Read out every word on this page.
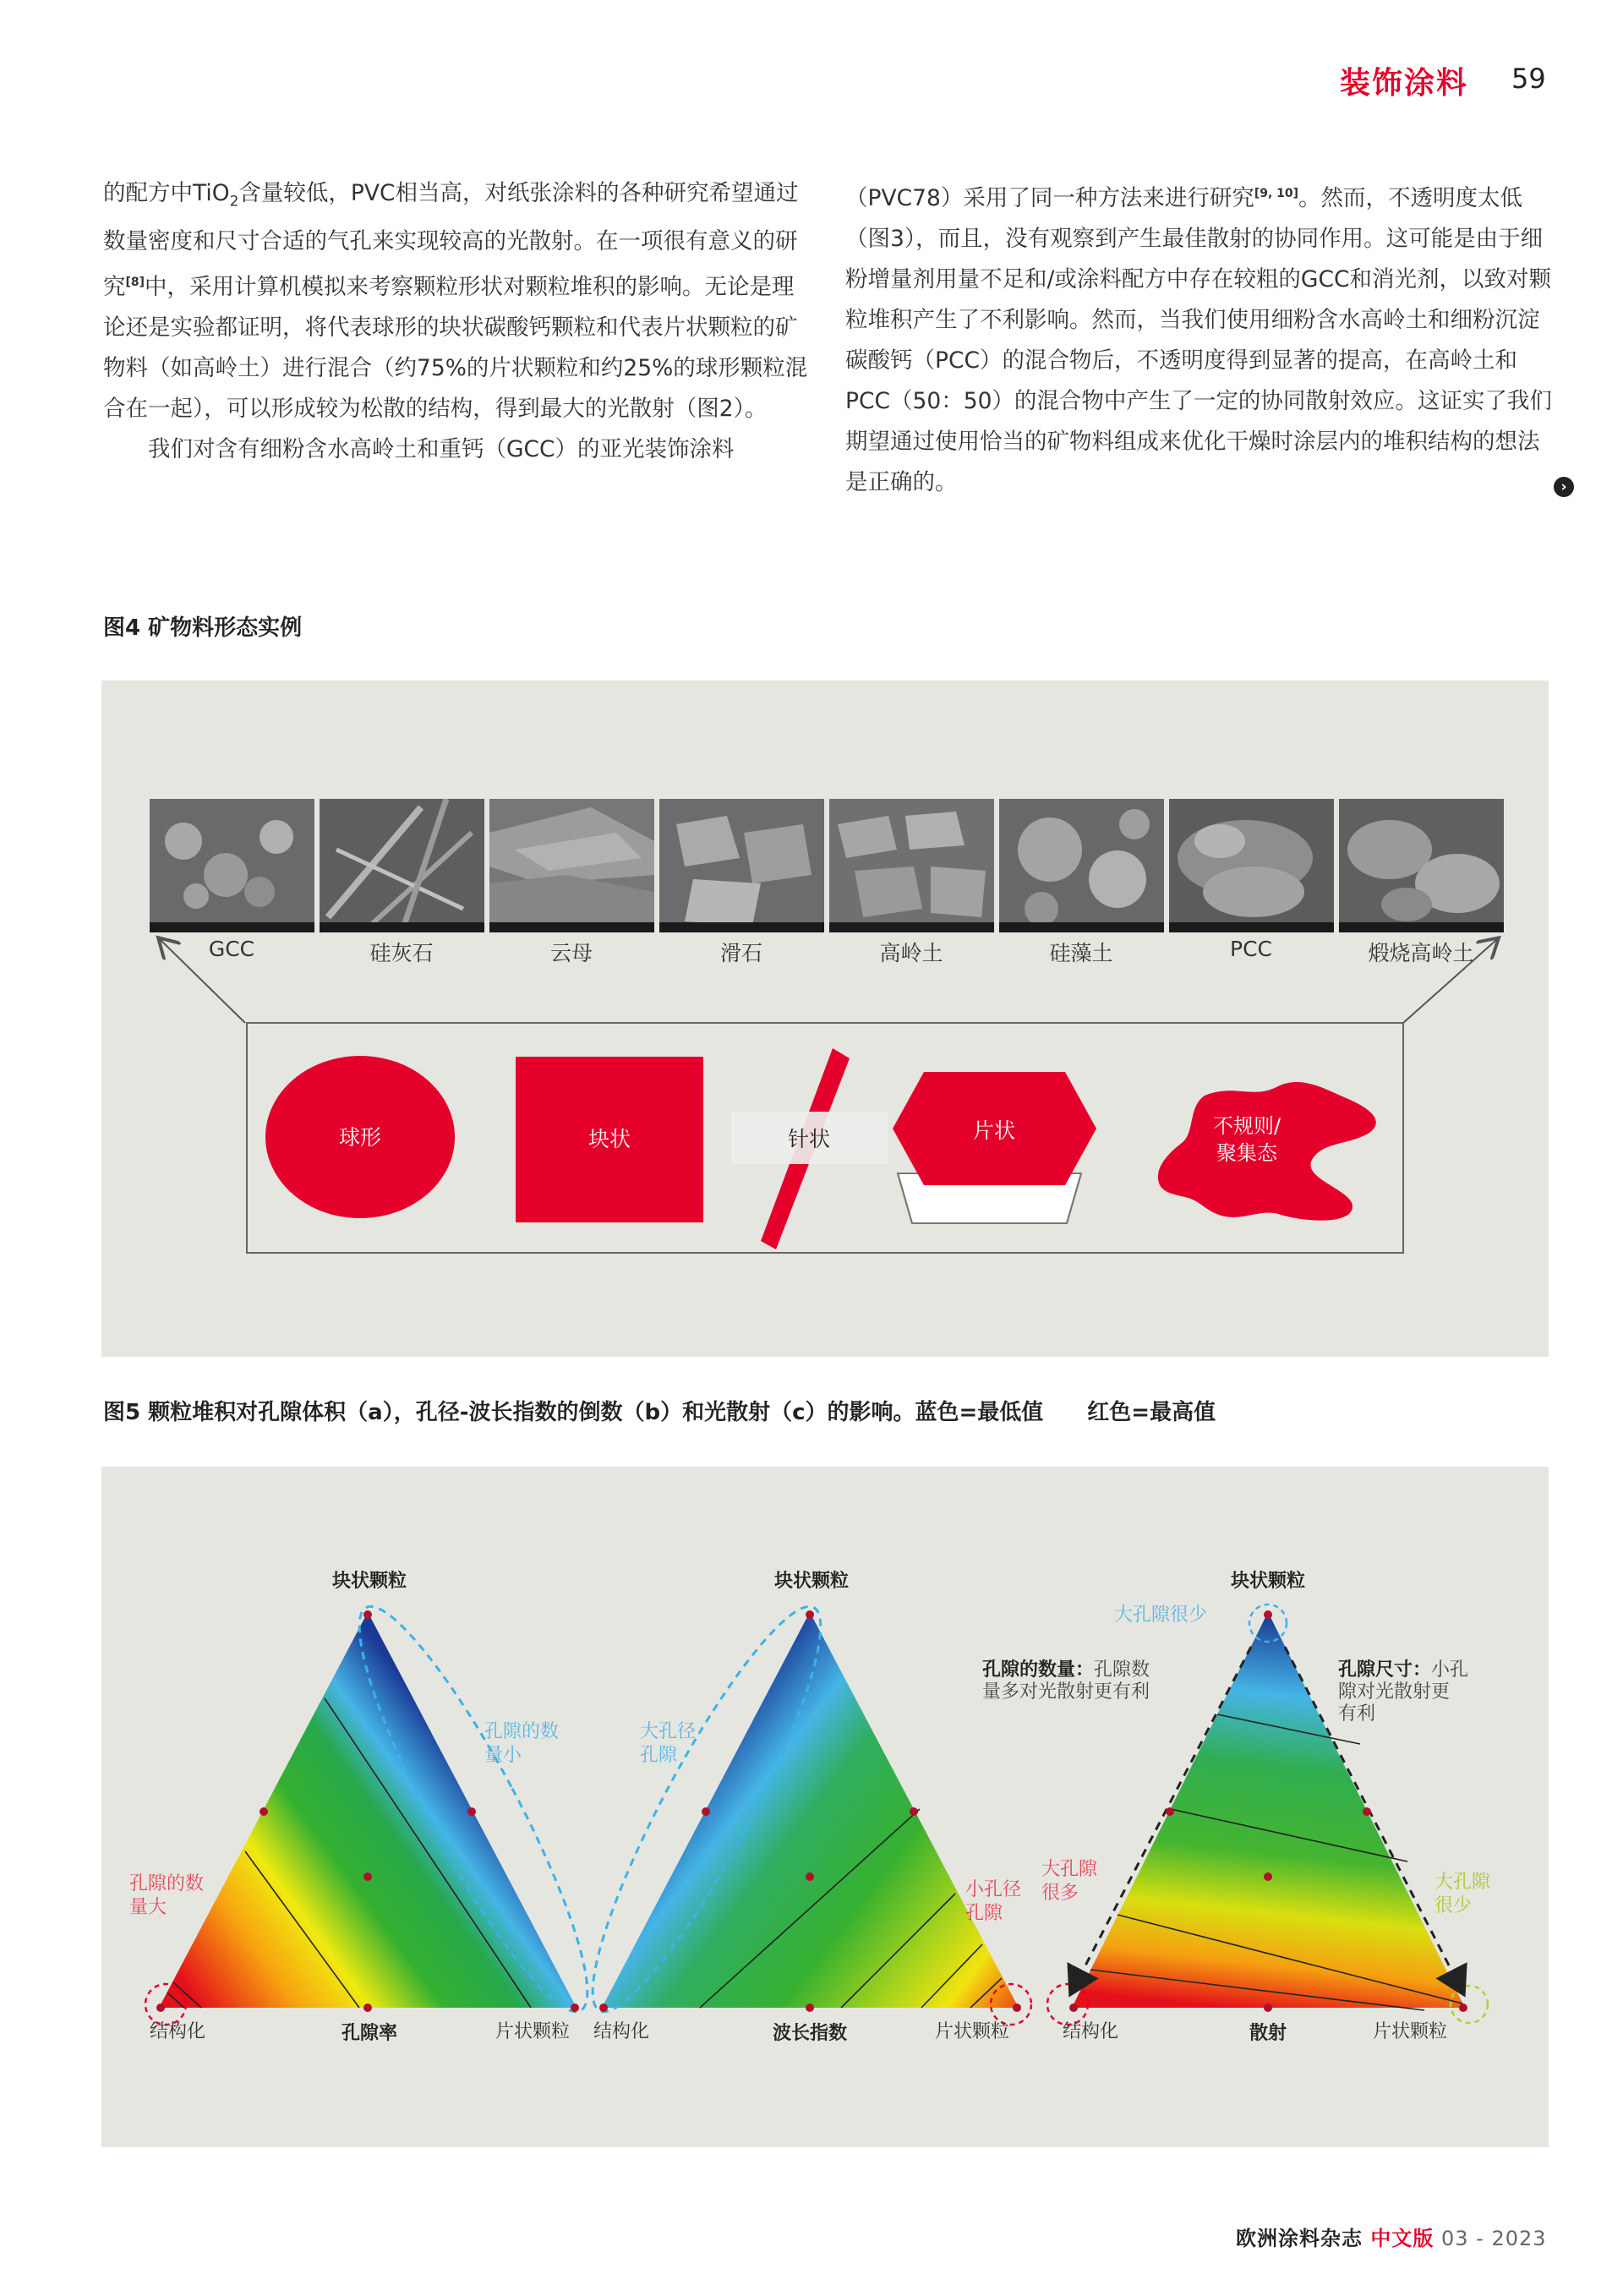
装饰涂料 59

的配方中TiO$_2$含量较低，PVC相当高，对纸张涂料的各种研究希望通过数量密度和尺寸合适的气孔来实现较高的光散射。在一项很有意义的研究[8]中，采用计算机模拟来考察颗粒形状对颗粒堆积的影响。无论是理论还是实验都证明，将代表球形的块状碳酸钙颗粒和代表片状颗粒的矿物料（如高岭土）进行混合（约75%的片状颗粒和约25%的球形颗粒混合在一起），可以形成较为松散的结构，得到最大的光散射（图2）。

我们对含有细粉含水高岭土和重钙（GCC）的亚光装饰涂料

（PVC78）采用了同一种方法来进行研究[9, 10]。然而，不透明度太低（图3），而且，没有观察到产生最佳散射的协同作用。这可能是由于细粉增量剂用量不足和/或涂料配方中存在较粗的GCC和消光剂，以致对颗粒堆积产生了不利影响。然而，当我们使用细粉含水高岭土和细粉沉淀碳酸钙（PCC）的混合物后，不透明度得到显著的提高，在高岭土和PCC（50：50）的混合物中产生了一定的协同散射效应。这证实了我们期望通过使用恰当的矿物料组成来优化干燥时涂层内的堆积结构的想法是正确的。	›
图4 矿物料形态实例
GCC	硅灰石	云母	滑石	高岭土	硅藻土	PCC	煅烧高岭土
球形	块状	针状	片状	不规则/
聚集态
图5 颗粒堆积对孔隙体积（a），孔径-波长指数的倒数（b）和光散射（c）的影响。蓝色=最低值　　红色=最高值
块状颗粒	块状颗粒	块状颗粒
结构化	结构化	结构化
片状颗粒	片状颗粒	片状颗粒
孔隙率	波长指数	散射
孔隙的数
量小
孔隙的数
量大
大孔径
孔隙
小孔径
孔隙
大孔隙很少
孔隙的数量：孔隙数
量多对光散射更有利
孔隙尺寸：小孔
隙对光散射更
有利
大孔隙
很多
大孔隙
很少
欧洲涂料杂志 中文版 03 - 2023
